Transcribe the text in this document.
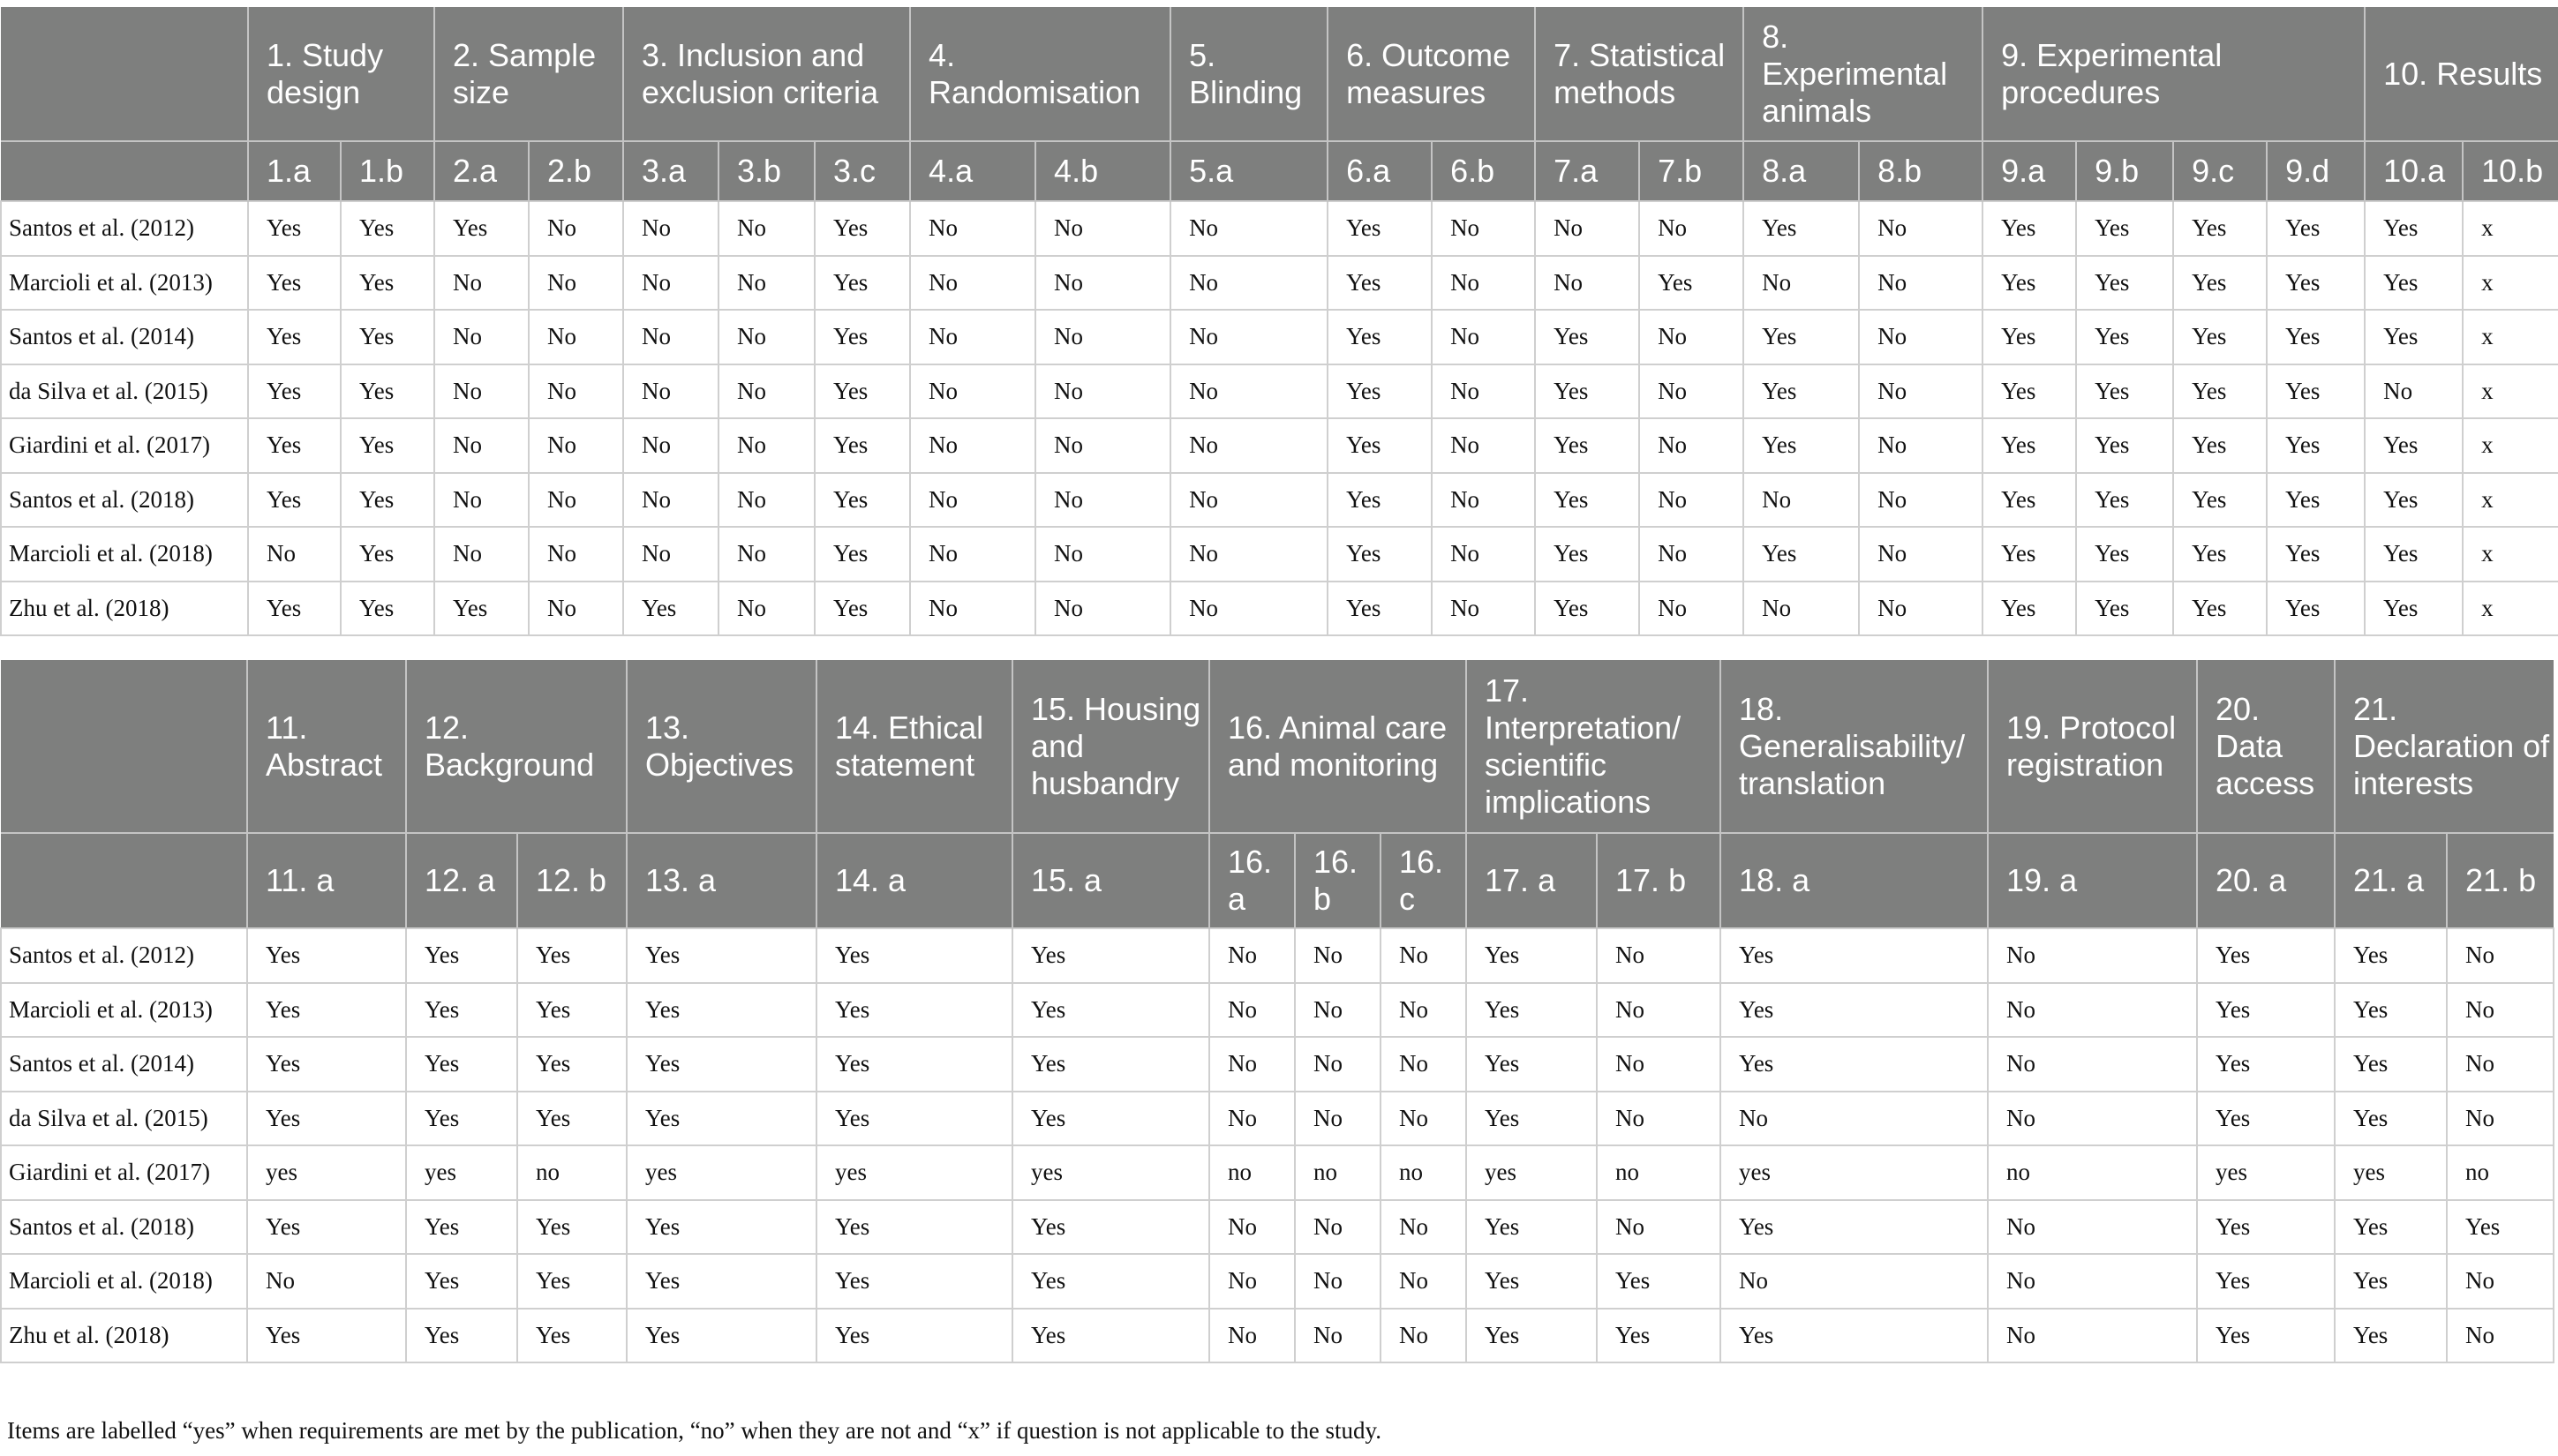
	1. Study design		2. Sample size		3. Inclusion and exclusion criteria			4. Randomisation		5. Blinding	6. Outcome measures		7. Statistical methods		8. Experimental animals		9. Experimental procedures				10. Results	
	1.a	1.b	2.a	2.b	3.a	3.b	3.c	4.a	4.b	5.a	6.a	6.b	7.a	7.b	8.a	8.b	9.a	9.b	9.c	9.d	10.a	10.b
Santos et al. (2012)	Yes	Yes	Yes	No	No	No	Yes	No	No	No	Yes	No	No	No	Yes	No	Yes	Yes	Yes	Yes	Yes	x
Marcioli et al. (2013)	Yes	Yes	No	No	No	No	Yes	No	No	No	Yes	No	No	Yes	No	No	Yes	Yes	Yes	Yes	Yes	x
Santos et al. (2014)	Yes	Yes	No	No	No	No	Yes	No	No	No	Yes	No	Yes	No	Yes	No	Yes	Yes	Yes	Yes	Yes	x
da Silva et al. (2015)	Yes	Yes	No	No	No	No	Yes	No	No	No	Yes	No	Yes	No	Yes	No	Yes	Yes	Yes	Yes	No	x
Giardini et al. (2017)	Yes	Yes	No	No	No	No	Yes	No	No	No	Yes	No	Yes	No	Yes	No	Yes	Yes	Yes	Yes	Yes	x
Santos et al. (2018)	Yes	Yes	No	No	No	No	Yes	No	No	No	Yes	No	Yes	No	No	No	Yes	Yes	Yes	Yes	Yes	x
Marcioli et al. (2018)	No	Yes	No	No	No	No	Yes	No	No	No	Yes	No	Yes	No	Yes	No	Yes	Yes	Yes	Yes	Yes	x
Zhu et al. (2018)	Yes	Yes	Yes	No	Yes	No	Yes	No	No	No	Yes	No	Yes	No	No	No	Yes	Yes	Yes	Yes	Yes	x
	11. Abstract	12. Background		13. Objectives	14. Ethical statement	15. Housing and husbandry	16. Animal care and monitoring			17. Interpretation/ scientific implications		18. Generalisability/ translation	19. Protocol registration	20. Data access	21. Declaration of interests	
	11. a	12. a	12. b	13. a	14. a	15. a	16. a	16. b	16. c	17. a	17. b	18. a	19. a	20. a	21. a	21. b
Santos et al. (2012)	Yes	Yes	Yes	Yes	Yes	Yes	No	No	No	Yes	No	Yes	No	Yes	Yes	No
Marcioli et al. (2013)	Yes	Yes	Yes	Yes	Yes	Yes	No	No	No	Yes	No	Yes	No	Yes	Yes	No
Santos et al. (2014)	Yes	Yes	Yes	Yes	Yes	Yes	No	No	No	Yes	No	Yes	No	Yes	Yes	No
da Silva et al. (2015)	Yes	Yes	Yes	Yes	Yes	Yes	No	No	No	Yes	No	No	No	Yes	Yes	No
Giardini et al. (2017)	yes	yes	no	yes	yes	yes	no	no	no	yes	no	yes	no	yes	yes	no
Santos et al. (2018)	Yes	Yes	Yes	Yes	Yes	Yes	No	No	No	Yes	No	Yes	No	Yes	Yes	Yes
Marcioli et al. (2018)	No	Yes	Yes	Yes	Yes	Yes	No	No	No	Yes	Yes	No	No	Yes	Yes	No
Zhu et al. (2018)	Yes	Yes	Yes	Yes	Yes	Yes	No	No	No	Yes	Yes	Yes	No	Yes	Yes	No

Items are labelled “yes” when requirements are met by the publication, “no” when they are not and “x” if question is not applicable to the study.
